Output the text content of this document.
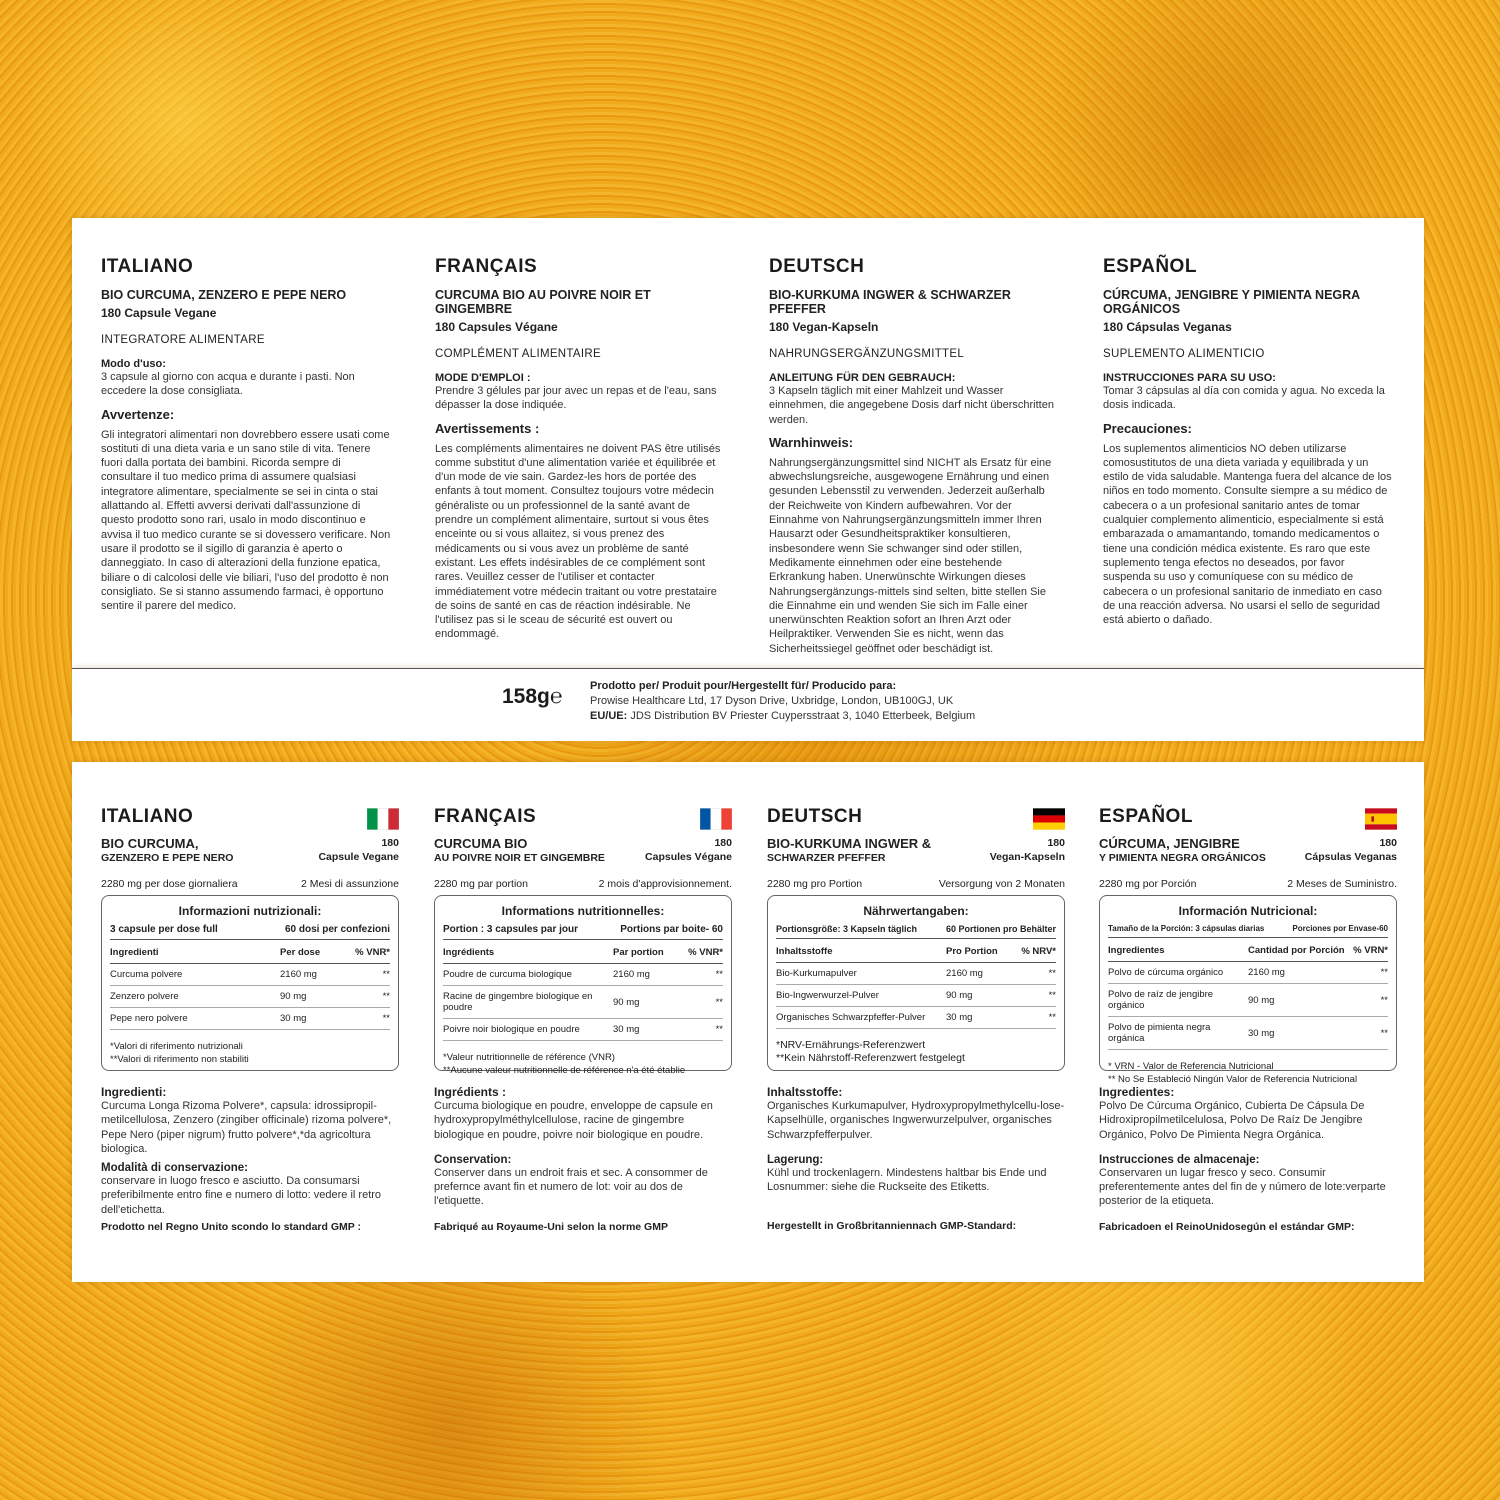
ITALIANO
BIO CURCUMA, ZENZERO E PEPE NERO
180 Capsule Vegane
INTEGRATORE ALIMENTARE
Modo d'uso:
3 capsule al giorno con acqua e durante i pasti. Non eccedere la dose consigliata.
Avvertenze:
Gli integratori alimentari non dovrebbero essere usati come sostituti di una dieta varia e un sano stile di vita. Tenere fuori dalla portata dei bambini. Ricorda sempre di consultare il tuo medico prima di assumere qualsiasi integratore alimentare, specialmente se sei in cinta o stai allattando al. Effetti avversi derivati dall'assunzione di questo prodotto sono rari, usalo in modo discontinuo e avvisa il tuo medico curante se si dovessero verificare. Non usare il prodotto se il sigillo di garanzia è aperto o danneggiato. In caso di alterazioni della funzione epatica, biliare o di calcolosi delle vie biliari, l'uso del prodotto è non consigliato. Se si stanno assumendo farmaci, è opportuno sentire il parere del medico.
FRANÇAIS
CURCUMA BIO AU POIVRE NOIR ET GINGEMBRE
180 Capsules Végane
COMPLÉMENT ALIMENTAIRE
MODE D'EMPLOI :
Prendre 3 gélules par jour avec un repas et de l'eau, sans dépasser la dose indiquée.
Avertissements :
Les compléments alimentaires ne doivent PAS être utilisés comme substitut d'une alimentation variée et équilibrée et d'un mode de vie sain. Gardez-les hors de portée des enfants à tout moment. Consultez toujours votre médecin généraliste ou un professionnel de la santé avant de prendre un complément alimentaire, surtout si vous êtes enceinte ou si vous allaitez, si vous prenez des médicaments ou si vous avez un problème de santé existant. Les effets indésirables de ce complément sont rares. Veuillez cesser de l'utiliser et contacter immédiatement votre médecin traitant ou votre prestataire de soins de santé en cas de réaction indésirable. Ne l'utilisez pas si le sceau de sécurité est ouvert ou endommagé.
DEUTSCH
BIO-KURKUMA INGWER & SCHWARZER PFEFFER
180 Vegan-Kapseln
NAHRUNGSERGÄNZUNGSMITTEL
ANLEITUNG FÜR DEN GEBRAUCH:
3 Kapseln täglich mit einer Mahlzeit und Wasser einnehmen, die angegebene Dosis darf nicht überschritten werden.
Warnhinweis:
Nahrungsergänzungsmittel sind NICHT als Ersatz für eine abwechslungsreiche, ausgewogene Ernährung und einen gesunden Lebensstil zu verwenden. Jederzeit außerhalb der Reichweite von Kindern aufbewahren. Vor der Einnahme von Nahrungsergänzungsmitteln immer Ihren Hausarzt oder Gesundheitspraktiker konsultieren, insbesondere wenn Sie schwanger sind oder stillen, Medikamente einnehmen oder eine bestehende Erkrankung haben. Unerwünschte Wirkungen dieses Nahrungsergänzungs-mittels sind selten, bitte stellen Sie die Einnahme ein und wenden Sie sich im Falle einer unerwünschten Reaktion sofort an Ihren Arzt oder Heilpraktiker. Verwenden Sie es nicht, wenn das Sicherheitssiegel geöffnet oder beschädigt ist.
ESPAÑOL
CÚRCUMA, JENGIBRE Y PIMIENTA NEGRA ORGÁNICOS
180 Cápsulas Veganas
SUPLEMENTO ALIMENTICIO
INSTRUCCIONES PARA SU USO:
Tomar 3 cápsulas al día con comida y agua. No exceda la dosis indicada.
Precauciones:
Los suplementos alimenticios NO deben utilizarse comosustitutos de una dieta variada y equilibrada y un estilo de vida saludable. Mantenga fuera del alcance de los niños en todo momento. Consulte siempre a su médico de cabecera o a un profesional sanitario antes de tomar cualquier complemento alimenticio, especialmente si está embarazada o amamantando, tomando medicamentos o tiene una condición médica existente. Es raro que este suplemento tenga efectos no deseados, por favor suspenda su uso y comuníquese con su médico de cabecera o un profesional sanitario de inmediato en caso de una reacción adversa. No usarsi el sello de seguridad está abierto o dañado.
158g℮	Prodotto per/ Produit pour/Hergestellt für/ Producido para:
Prowise Healthcare Ltd, 17 Dyson Drive, Uxbridge, London, UB100GJ, UK
EU/UE: JDS Distribution BV Priester Cuypersstraat 3, 1040 Etterbeek, Belgium
ITALIANO
BIO CURCUMA,
GZENZERO E PEPE NERO
180
Capsule Vegane
2280 mg per dose giornaliera	2 Mesi di assunzione
Informazioni nutrizionali:
3 capsule per dose full	60 dosi per confezioni
Ingredienti	Per dose	% VNR*
Curcuma polvere	2160 mg	**
Zenzero polvere	90 mg	**
Pepe nero polvere	30 mg	**
*Valori di riferimento nutrizionali
**Valori di riferimento non stabiliti
Ingredienti:
Curcuma Longa Rizoma Polvere*, capsula: idrossipropil-metilcellulosa, Zenzero (zingiber officinale) rizoma polvere*, Pepe Nero (piper nigrum) frutto polvere*,*da agricoltura biologica.
Modalità di conservazione:
conservare in luogo fresco e asciutto. Da consumarsi preferibilmente entro fine e numero di lotto: vedere il retro dell'etichetta.
Prodotto nel Regno Unito scondo lo standard GMP :
FRANÇAIS
CURCUMA BIO
AU POIVRE NOIR ET GINGEMBRE
180
Capsules Végane
2280 mg par portion	2 mois d'approvisionnement.
Informations nutritionnelles:
Portion : 3 capsules par jour	Portions par boite- 60
Ingrédients	Par portion	% VNR*
Poudre de curcuma biologique	2160 mg	**
Racine de gingembre biologique en poudre	90 mg	**
Poivre noir biologique en poudre	30 mg	**
*Valeur nutritionnelle de référence (VNR)
**Aucune valeur nutritionnelle de référence n'a été établie
Ingrédients :
Curcuma biologique en poudre, enveloppe de capsule en hydroxypropylméthylcellulose, racine de gingembre biologique en poudre, poivre noir biologique en poudre.
Conservation:
Conserver dans un endroit frais et sec. A consommer de prefernce avant fin et numero de lot: voir au dos de l'etiquette.
Fabriqué au Royaume-Uni selon la norme GMP
DEUTSCH
BIO-KURKUMA INGWER &
SCHWARZER PFEFFER
180
Vegan-Kapseln
2280 mg pro Portion	Versorgung von 2 Monaten
Nährwertangaben:
Portionsgröße: 3 Kapseln täglich	60 Portionen pro Behälter
Inhaltsstoffe	Pro Portion	% NRV*
Bio-Kurkumapulver	2160 mg	**
Bio-Ingwerwurzel-Pulver	90 mg	**
Organisches Schwarzpfeffer-Pulver	30 mg	**
*NRV-Ernährungs-Referenzwert
**Kein Nährstoff-Referenzwert festgelegt
Inhaltsstoffe:
Organisches Kurkumapulver, Hydroxypropylmethylcellu-lose-Kapselhülle, organisches Ingwerwurzelpulver, organisches Schwarzpfefferpulver.
Lagerung:
Kühl und trockenlagern. Mindestens haltbar bis Ende und Losnummer: siehe die Ruckseite des Etiketts.
Hergestellt in Großbritanniennach GMP-Standard:
ESPAÑOL
CÚRCUMA, JENGIBRE
Y PIMIENTA NEGRA ORGÁNICOS
180
Cápsulas Veganas
2280 mg por Porción	2 Meses de Suministro.
Información Nutricional:
Tamaño de la Porción: 3 cápsulas diarias	Porciones por Envase-60
Ingredientes	Cantidad por Porción	% VRN*
Polvo de cúrcuma orgánico	2160 mg	**
Polvo de raíz de jengibre orgánico	90 mg	**
Polvo de pimienta negra orgánica	30 mg	**
* VRN - Valor de Referencia Nutricional
** No Se Estableció Ningún Valor de Referencia Nutricional
Ingredientes:
Polvo De Cúrcuma Orgánico, Cubierta De Cápsula De Hidroxipropilmetilcelulosa, Polvo De Raíz De Jengibre Orgánico, Polvo De Pimienta Negra Orgánica.
Instrucciones de almacenaje:
Conservaren un lugar fresco y seco. Consumir preferentemente antes del fin de y número de lote:verparte posterior de la etiqueta.
Fabricadoen el ReinoUnidosegún el estándar GMP:
